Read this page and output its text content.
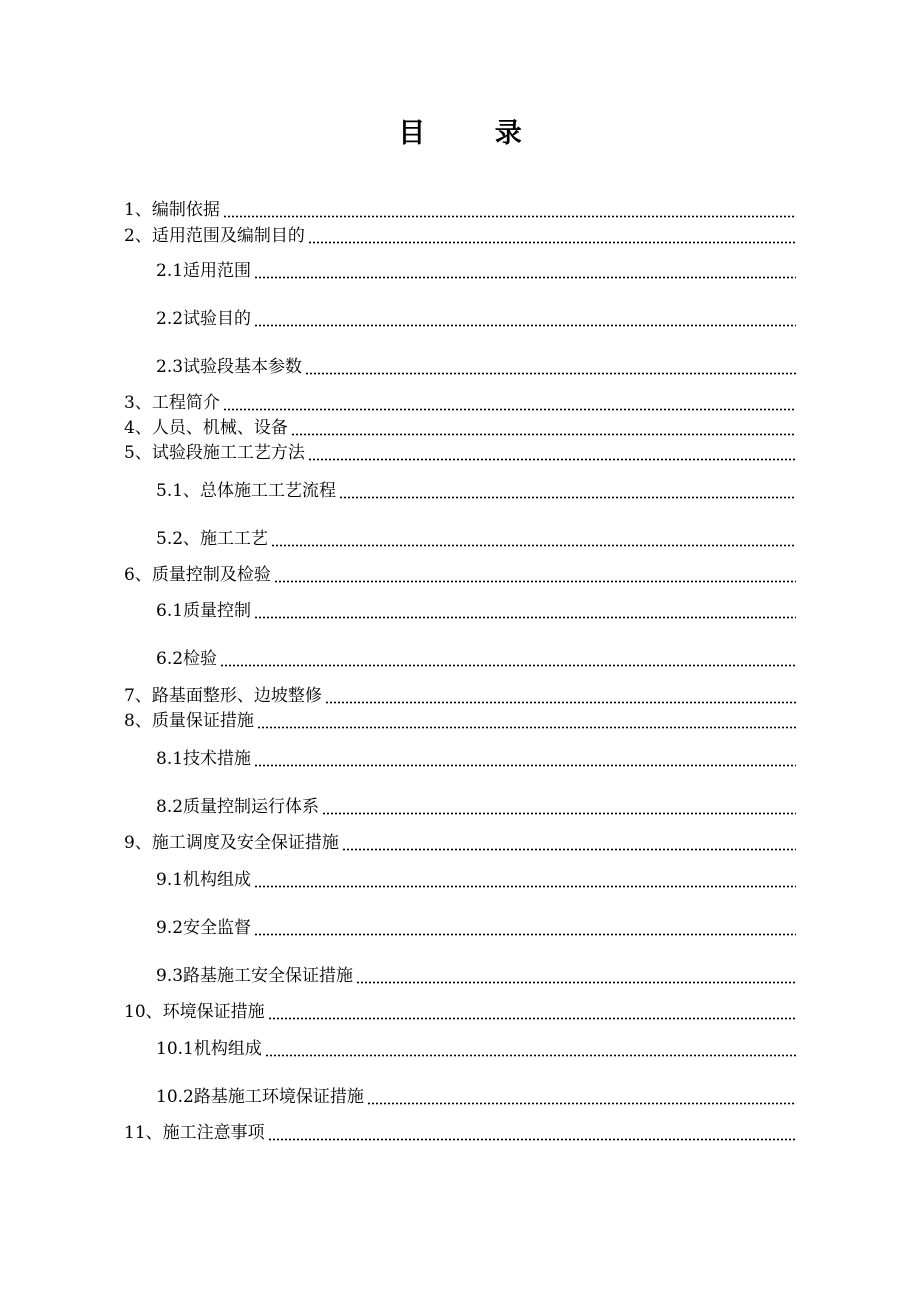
目 录
1、编制依据
2、适用范围及编制目的
2.1适用范围
2.2试验目的
2.3试验段基本参数
3、工程简介
4、人员、机械、设备
5、试验段施工工艺方法
5.1、总体施工工艺流程
5.2、施工工艺
6、质量控制及检验
6.1质量控制
6.2检验
7、路基面整形、边坡整修
8、质量保证措施
8.1技术措施
8.2质量控制运行体系
9、施工调度及安全保证措施
9.1机构组成
9.2安全监督
9.3路基施工安全保证措施
10、环境保证措施
10.1机构组成
10.2路基施工环境保证措施
11、施工注意事项
